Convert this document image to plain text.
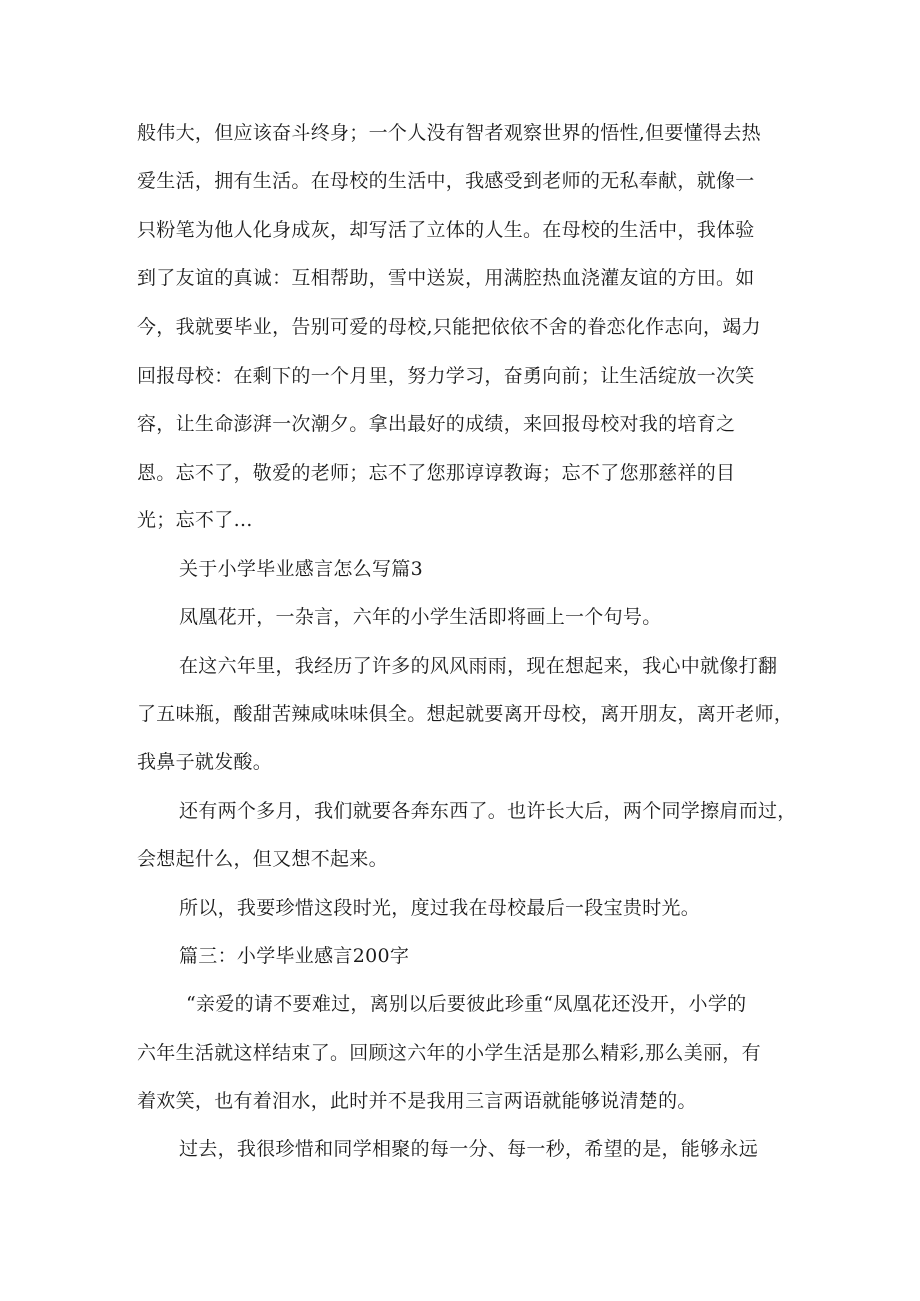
般伟大，但应该奋斗终身；一个人没有智者观察世界的悟性,但要懂得去热
爱生活，拥有生活。在母校的生活中，我感受到老师的无私奉献，就像一
只粉笔为他人化身成灰，却写活了立体的人生。在母校的生活中，我体验
到了友谊的真诚：互相帮助，雪中送炭，用满腔热血浇灌友谊的方田。如
今，我就要毕业，告别可爱的母校,只能把依依不舍的眷恋化作志向，竭力
回报母校：在剩下的一个月里，努力学习，奋勇向前；让生活绽放一次笑
容，让生命澎湃一次潮夕。拿出最好的成绩，来回报母校对我的培育之
恩。忘不了，敬爱的老师；忘不了您那谆谆教诲；忘不了您那慈祥的目
光；忘不了…
关于小学毕业感言怎么写篇3
凤凰花开，一杂言，六年的小学生活即将画上一个句号。
在这六年里，我经历了许多的风风雨雨，现在想起来，我心中就像打翻
了五味瓶，酸甜苦辣咸味味俱全。想起就要离开母校，离开朋友，离开老师，
我鼻子就发酸。
还有两个多月，我们就要各奔东西了。也许长大后，两个同学擦肩而过，
会想起什么，但又想不起来。
所以，我要珍惜这段时光，度过我在母校最后一段宝贵时光。
篇三：小学毕业感言200字
“亲爱的请不要难过，离别以后要彼此珍重“凤凰花还没开，小学的
六年生活就这样结束了。回顾这六年的小学生活是那么精彩,那么美丽，有
着欢笑，也有着泪水，此时并不是我用三言两语就能够说清楚的。
过去，我很珍惜和同学相聚的每一分、每一秒，希望的是，能够永远
